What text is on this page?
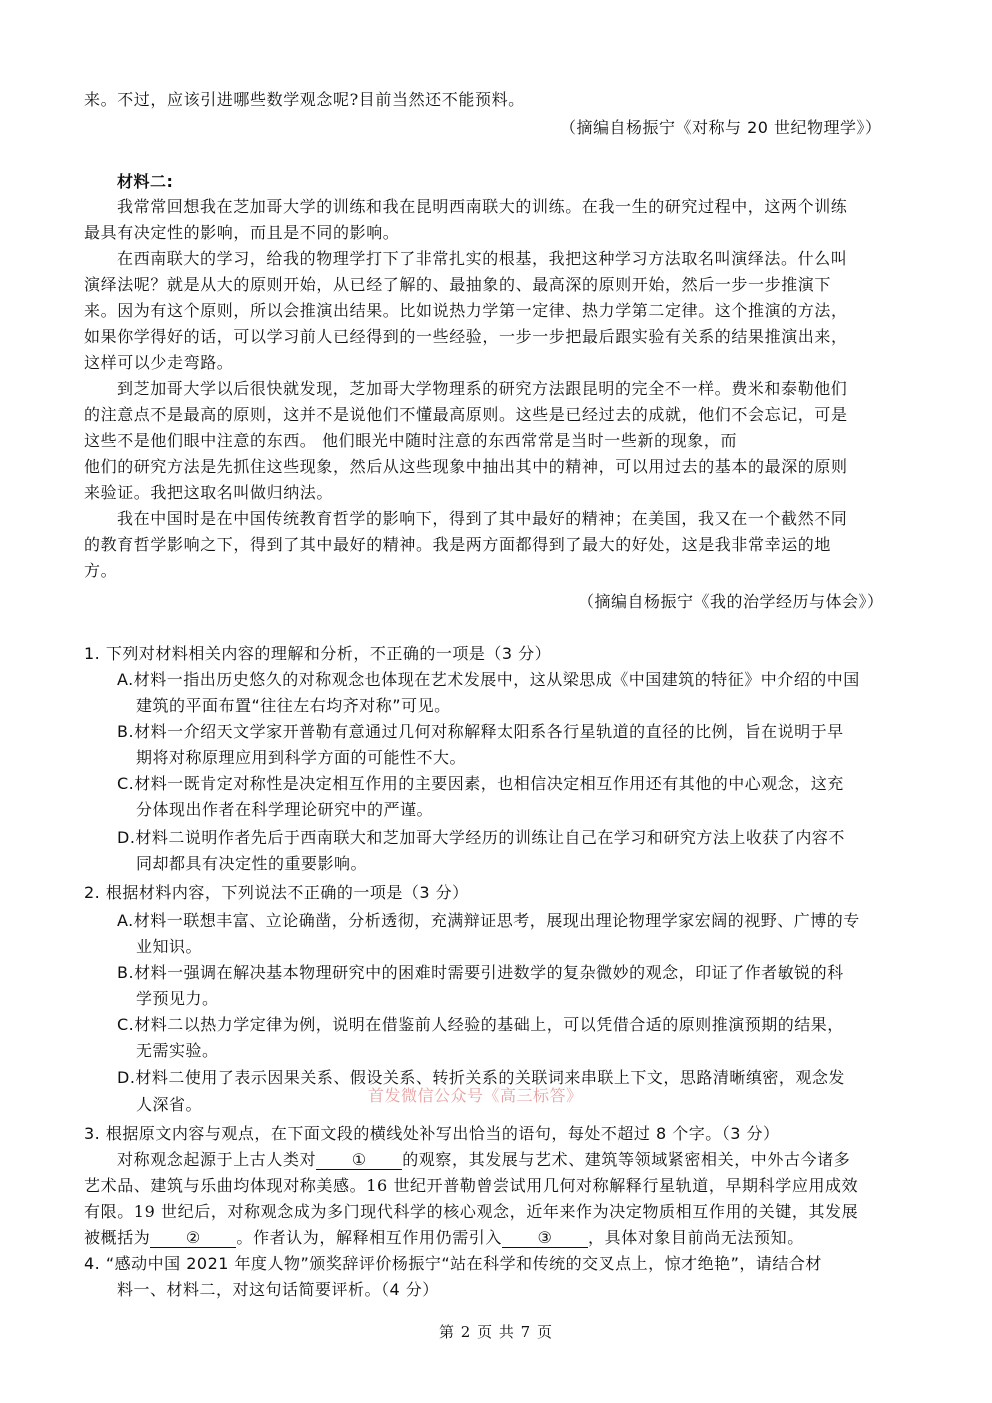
来。不过，应该引进哪些数学观念呢?目前当然还不能预料。
（摘编自杨振宁《对称与 20 世纪物理学》）
材料二:
我常常回想我在芝加哥大学的训练和我在昆明西南联大的训练。在我一生的研究过程中，这两个训练
最具有决定性的影响，而且是不同的影响。
在西南联大的学习，给我的物理学打下了非常扎实的根基，我把这种学习方法取名叫演绎法。什么叫
演绎法呢？就是从大的原则开始，从已经了解的、最抽象的、最高深的原则开始，然后一步一步推演下
来。因为有这个原则，所以会推演出结果。比如说热力学第一定律、热力学第二定律。这个推演的方法，
如果你学得好的话，可以学习前人已经得到的一些经验，一步一步把最后跟实验有关系的结果推演出来，
这样可以少走弯路。
到芝加哥大学以后很快就发现，芝加哥大学物理系的研究方法跟昆明的完全不一样。费米和泰勒他们
的注意点不是最高的原则，这并不是说他们不懂最高原则。这些是已经过去的成就，他们不会忘记，可是
这些不是他们眼中注意的东西。 他们眼光中随时注意的东西常常是当时一些新的现象，而
他们的研究方法是先抓住这些现象，然后从这些现象中抽出其中的精神，可以用过去的基本的最深的原则
来验证。我把这取名叫做归纳法。
我在中国时是在中国传统教育哲学的影响下，得到了其中最好的精神；在美国，我又在一个截然不同
的教育哲学影响之下，得到了其中最好的精神。我是两方面都得到了最大的好处，这是我非常幸运的地
方。
（摘编自杨振宁《我的治学经历与体会》）
1. 下列对材料相关内容的理解和分析，不正确的一项是（3 分）
A.材料一指出历史悠久的对称观念也体现在艺术发展中，这从梁思成《中国建筑的特征》中介绍的中国
建筑的平面布置“往往左右均齐对称”可见。
B.材料一介绍天文学家开普勒有意通过几何对称解释太阳系各行星轨道的直径的比例，旨在说明于早
期将对称原理应用到科学方面的可能性不大。
C.材料一既肯定对称性是决定相互作用的主要因素，也相信决定相互作用还有其他的中心观念，这充
分体现出作者在科学理论研究中的严谨。
D.材料二说明作者先后于西南联大和芝加哥大学经历的训练让自己在学习和研究方法上收获了内容不
同却都具有决定性的重要影响。
2. 根据材料内容，下列说法不正确的一项是（3 分）
A.材料一联想丰富、立论确凿，分析透彻，充满辩证思考，展现出理论物理学家宏阔的视野、广博的专
业知识。
B.材料一强调在解决基本物理研究中的困难时需要引进数学的复杂微妙的观念，印证了作者敏锐的科
学预见力。
C.材料二以热力学定律为例，说明在借鉴前人经验的基础上，可以凭借合适的原则推演预期的结果，
无需实验。
D.材料二使用了表示因果关系、假设关系、转折关系的关联词来串联上下文，思路清晰缜密，观念发
人深省。	首发微信公众号《高三标答》
3. 根据原文内容与观点，在下面文段的横线处补写出恰当的语句，每处不超过 8 个字。（3 分）
对称观念起源于上古人类对 ① 的观察，其发展与艺术、建筑等领域紧密相关，中外古今诸多
艺术品、建筑与乐曲均体现对称美感。16 世纪开普勒曾尝试用几何对称解释行星轨道，早期科学应用成效
有限。19 世纪后，对称观念成为多门现代科学的核心观念，近年来作为决定物质相互作用的关键，其发展
被概括为 ② 。作者认为，解释相互作用仍需引入 ③ ，具体对象目前尚无法预知。
4. “感动中国 2021 年度人物”颁奖辞评价杨振宁“站在科学和传统的交叉点上，惊才绝艳”，请结合材
料一、材料二，对这句话简要评析。（4 分）
第 2 页 共 7 页
